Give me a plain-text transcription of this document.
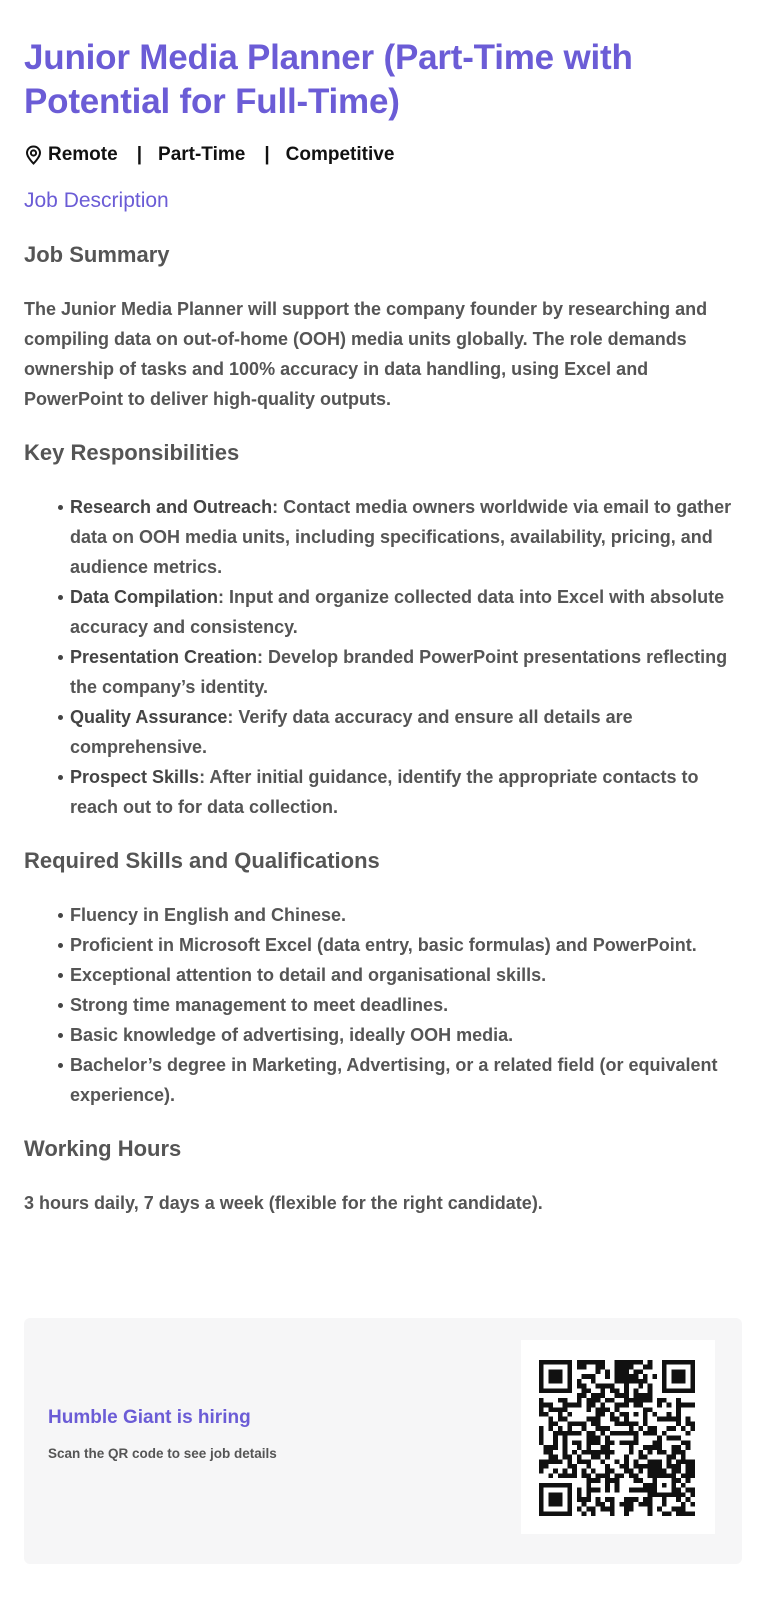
Junior Media Planner (Part-Time with Potential for Full-Time)
Remote | Part-Time | Competitive
Job Description
Job Summary

The Junior Media Planner will support the company founder by researching and compiling data on out-of-home (OOH) media units globally. The role demands ownership of tasks and 100% accuracy in data handling, using Excel and PowerPoint to deliver high-quality outputs.

Key Responsibilities
Research and Outreach: Contact media owners worldwide via email to gather data on OOH media units, including specifications, availability, pricing, and audience metrics.
Data Compilation: Input and organize collected data into Excel with absolute accuracy and consistency.
Presentation Creation: Develop branded PowerPoint presentations reflecting the company’s identity.
Quality Assurance: Verify data accuracy and ensure all details are comprehensive.
Prospect Skills: After initial guidance, identify the appropriate contacts to reach out to for data collection.
Required Skills and Qualifications
Fluency in English and Chinese.
Proficient in Microsoft Excel (data entry, basic formulas) and PowerPoint.
Exceptional attention to detail and organisational skills.
Strong time management to meet deadlines.
Basic knowledge of advertising, ideally OOH media.
Bachelor’s degree in Marketing, Advertising, or a related field (or equivalent experience).
Working Hours
3 hours daily, 7 days a week (flexible for the right candidate).
Humble Giant is hiring
Scan the QR code to see job details
